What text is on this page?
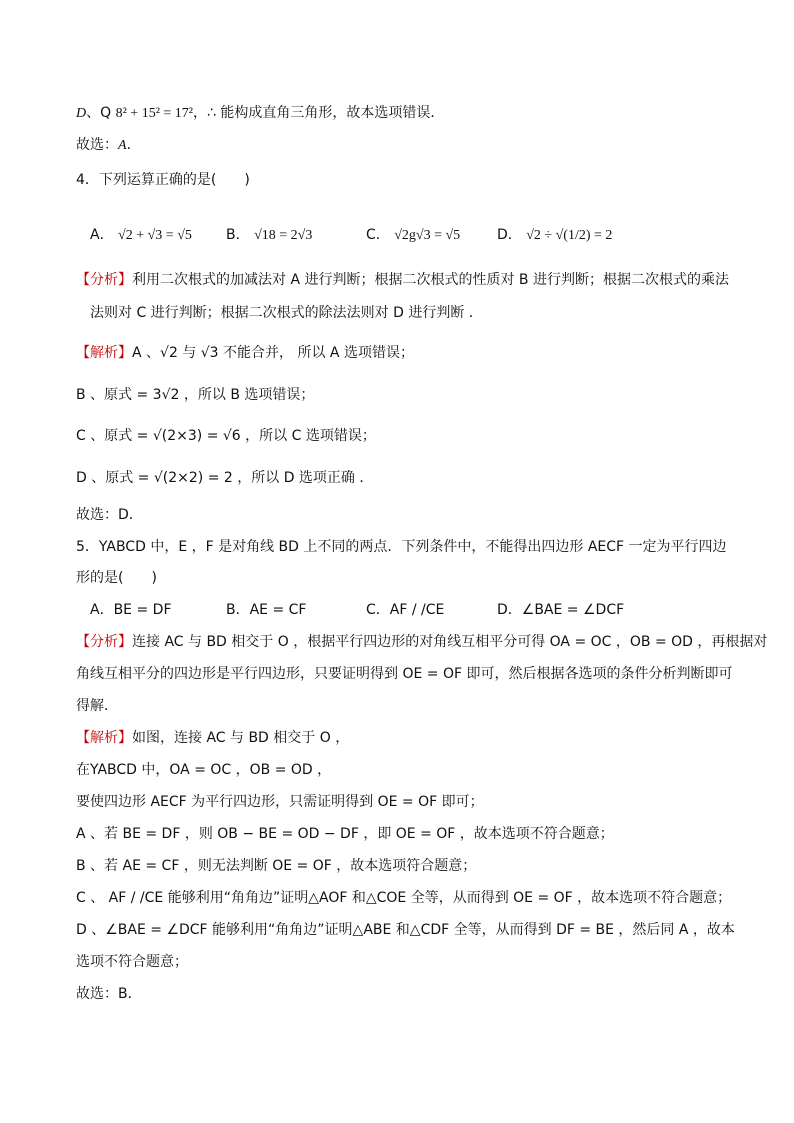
D、Q 8² + 15² = 17²，∴ 能构成直角三角形，故本选项错误．
故选：A．
4．下列运算正确的是(　　)
A． √2 + √3 = √5 B． √18 = 2√3	C． √2g√3 = √5	D． √2 ÷ √(1/2) = 2
【分析】利用二次根式的加减法对 A 进行判断；根据二次根式的性质对 B 进行判断；根据二次根式的乘法
法则对 C 进行判断；根据二次根式的除法法则对 D 进行判断 ．
【解析】A 、√2 与 √3 不能合并， 所以 A 选项错误；
B 、原式 = 3√2 ，所以 B 选项错误；
C 、原式 = √(2×3) = √6 ，所以 C 选项错误；
D 、原式 = √(2×2) = 2 ，所以 D 选项正确 ．
故选：D．
5．YABCD 中，E ，F 是对角线 BD 上不同的两点．下列条件中，不能得出四边形 AECF 一定为平行四边
形的是(　　)
A．BE = DF	B．AE = CF	C．AF / /CE	D．∠BAE = ∠DCF
【分析】连接 AC 与 BD 相交于 O ，根据平行四边形的对角线互相平分可得 OA = OC ，OB = OD ，再根据对
角线互相平分的四边形是平行四边形，只要证明得到 OE = OF 即可，然后根据各选项的条件分析判断即可
得解．
【解析】如图，连接 AC 与 BD 相交于 O ，
在YABCD 中，OA = OC ，OB = OD ，
要使四边形 AECF 为平行四边形，只需证明得到 OE = OF 即可；
A 、若 BE = DF ，则 OB − BE = OD − DF ，即 OE = OF ，故本选项不符合题意；
B 、若 AE = CF ，则无法判断 OE = OF ，故本选项符合题意；
C 、 AF / /CE 能够利用“角角边”证明△AOF 和△COE 全等，从而得到 OE = OF ，故本选项不符合题意；
D 、∠BAE = ∠DCF 能够利用“角角边”证明△ABE 和△CDF 全等，从而得到 DF = BE ，然后同 A ，故本
选项不符合题意；
故选：B．
